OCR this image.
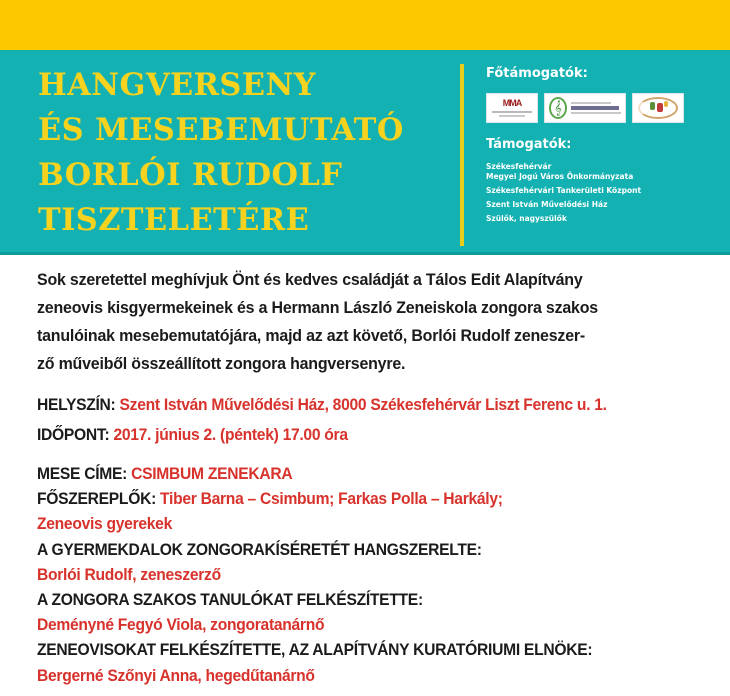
HANGVERSENY
ÉS MESEBEMUTATÓ
BORLÓI RUDOLF
TISZTELETÉRE
Főtámogatók:
MMA	𝄞
Támogatók:
Székesfehérvár
Megyei Jogú Város Önkormányzata
Székesfehérvári Tankerületi Központ
Szent István Művelődési Ház
Szülők, nagyszülők

Sok szeretettel meghívjuk Önt és kedves családját a Tálos Edit Alapítvány
zeneovis kisgyermekeinek és a Hermann László Zeneiskola zongora szakos
tanulóinak mesebemutatójára, majd az azt követő, Borlói Rudolf zeneszer-
ző műveiből összeállított zongora hangversenyre.

HELYSZÍN: Szent István Művelődési Ház, 8000 Székesfehérvár Liszt Ferenc u. 1.
IDŐPONT: 2017. június 2. (péntek) 17.00 óra
MESE CÍME: CSIMBUM ZENEKARA
FŐSZEREPLŐK: Tiber Barna – Csimbum; Farkas Polla – Harkály;
Zeneovis gyerekek
A GYERMEKDALOK ZONGORAKÍSÉRETÉT HANGSZERELTE:
Borlói Rudolf, zeneszerző
A ZONGORA SZAKOS TANULÓKAT FELKÉSZÍTETTE:
Deményné Fegyó Viola, zongoratanárnő
ZENEOVISOKAT FELKÉSZÍTETTE, AZ ALAPÍTVÁNY KURATÓRIUMI ELNÖKE:
Bergerné Szőnyi Anna, hegedűtanárnő
